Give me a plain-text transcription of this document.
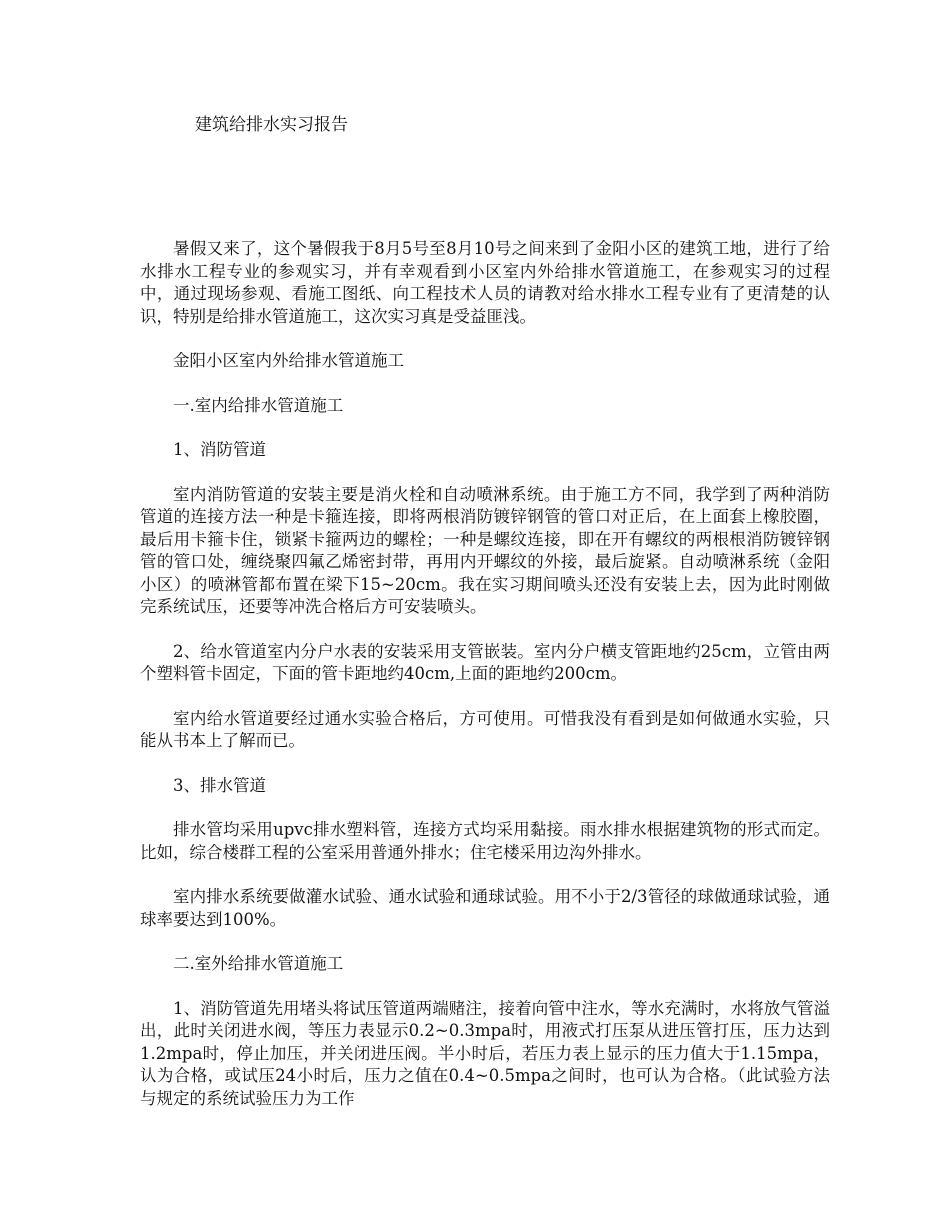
建筑给排水实习报告

暑假又来了，这个暑假我于8月5号至8月10号之间来到了金阳小区的建筑工地，进行了给水排水工程专业的参观实习，并有幸观看到小区室内外给排水管道施工，在参观实习的过程中，通过现场参观、看施工图纸、向工程技术人员的请教对给水排水工程专业有了更清楚的认识，特别是给排水管道施工，这次实习真是受益匪浅。

金阳小区室内外给排水管道施工

一.室内给排水管道施工

1、消防管道

室内消防管道的安装主要是消火栓和自动喷淋系统。由于施工方不同，我学到了两种消防管道的连接方法一种是卡箍连接，即将两根消防镀锌钢管的管口对正后，在上面套上橡胶圈，最后用卡箍卡住，锁紧卡箍两边的螺栓；一种是螺纹连接，即在开有螺纹的两根根消防镀锌钢管的管口处，缠绕聚四氟乙烯密封带，再用内开螺纹的外接，最后旋紧。自动喷淋系统（金阳小区）的喷淋管都布置在梁下15~20cm。我在实习期间喷头还没有安装上去，因为此时刚做完系统试压，还要等冲洗合格后方可安装喷头。

2、给水管道室内分户水表的安装采用支管嵌装。室内分户横支管距地约25cm，立管由两个塑料管卡固定，下面的管卡距地约40cm,上面的距地约200cm。

室内给水管道要经过通水实验合格后，方可使用。可惜我没有看到是如何做通水实验，只能从书本上了解而已。

3、排水管道

排水管均采用upvc排水塑料管，连接方式均采用黏接。雨水排水根据建筑物的形式而定。比如，综合楼群工程的公室采用普通外排水；住宅楼采用边沟外排水。

室内排水系统要做灌水试验、通水试验和通球试验。用不小于2/3管径的球做通球试验，通球率要达到100%。

二.室外给排水管道施工

1、消防管道先用堵头将试压管道两端赌注，接着向管中注水，等水充满时，水将放气管溢出，此时关闭进水阀，等压力表显示0.2~0.3mpa时，用液式打压泵从进压管打压，压力达到1.2mpa时，停止加压，并关闭进压阀。半小时后，若压力表上显示的压力值大于1.15mpa，认为合格，或试压24小时后，压力之值在0.4~0.5mpa之间时，也可认为合格。（此试验方法与规定的系统试验压力为工作
